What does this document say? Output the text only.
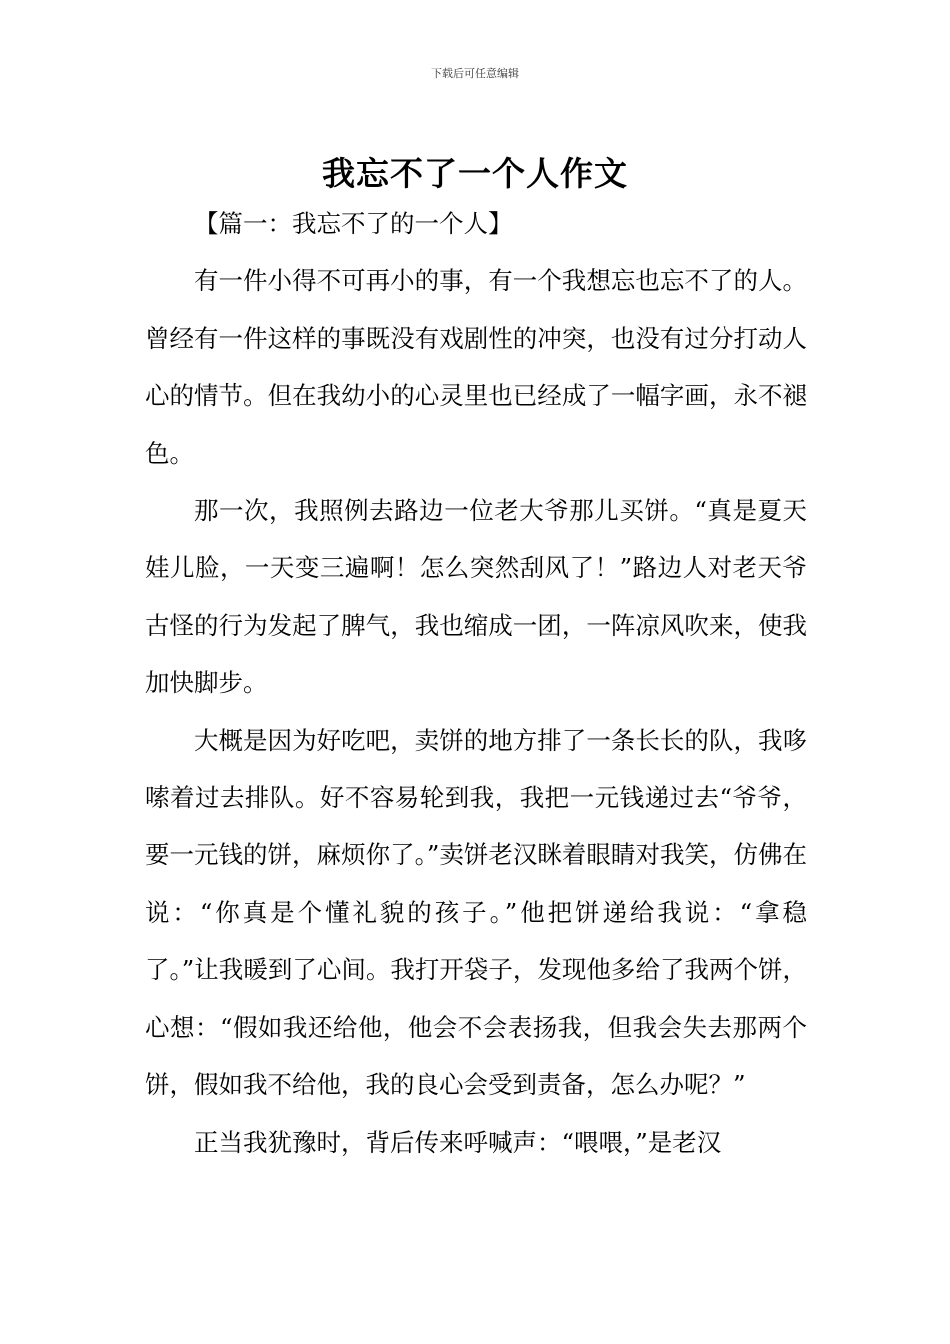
下载后可任意编辑
我忘不了一个人作文

【篇一：我忘不了的一个人】

有一件小得不可再小的事，有一个我想忘也忘不了的人。曾经有一件这样的事既没有戏剧性的冲突，也没有过分打动人心的情节。但在我幼小的心灵里也已经成了一幅字画，永不褪色。

那一次，我照例去路边一位老大爷那儿买饼。“真是夏天娃儿脸，一天变三遍啊！怎么突然刮风了！”路边人对老天爷古怪的行为发起了脾气，我也缩成一团，一阵凉风吹来，使我加快脚步。

大概是因为好吃吧，卖饼的地方排了一条长长的队，我哆嗦着过去排队。好不容易轮到我，我把一元钱递过去“爷爷，要一元钱的饼，麻烦你了。”卖饼老汉眯着眼睛对我笑，仿佛在说：“你真是个懂礼貌的孩子。”他把饼递给我说：“拿稳了。”让我暖到了心间。我打开袋子，发现他多给了我两个饼，心想：“假如我还给他，他会不会表扬我，但我会失去那两个饼，假如我不给他，我的良心会受到责备，怎么办呢？”

正当我犹豫时，背后传来呼喊声：“喂喂，”是老汉
